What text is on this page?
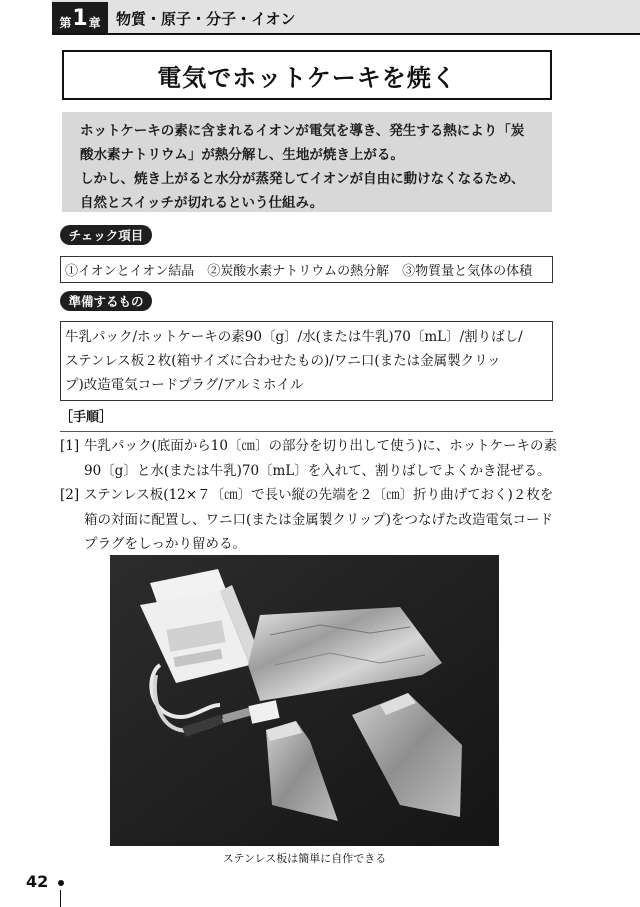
第 1 章 物質・原子・分子・イオン
電気でホットケーキを焼く

ホットケーキの素に含まれるイオンが電気を導き、発生する熱により「炭

酸水素ナトリウム」が熱分解し、生地が焼き上がる。

しかし、焼き上がると水分が蒸発してイオンが自由に動けなくなるため、

自然とスイッチが切れるという仕組み。

チェック項目
①イオンとイオン結晶　②炭酸水素ナトリウムの熱分解　③物質量と気体の体積
準備するもの
牛乳パック/ホットケーキの素90〔g〕/水(または牛乳)70〔mL〕/割りばし/
ステンレス板２枚(箱サイズに合わせたもの)/ワニ口(または金属製クリッ
プ)改造電気コードプラグ/アルミホイル
［手順］
[1] 牛乳パック(底面から10〔㎝〕の部分を切り出して使う)に、ホットケーキの素90〔g〕と水(または牛乳)70〔mL〕を入れて、割りばしでよくかき混ぜる。
[2] ステンレス板(12×７〔㎝〕で長い縦の先端を２〔㎝〕折り曲げておく)２枚を箱の対面に配置し、ワニ口(または金属製クリップ)をつなげた改造電気コードプラグをしっかり留める。
ステンレス板は簡単に自作できる
42
